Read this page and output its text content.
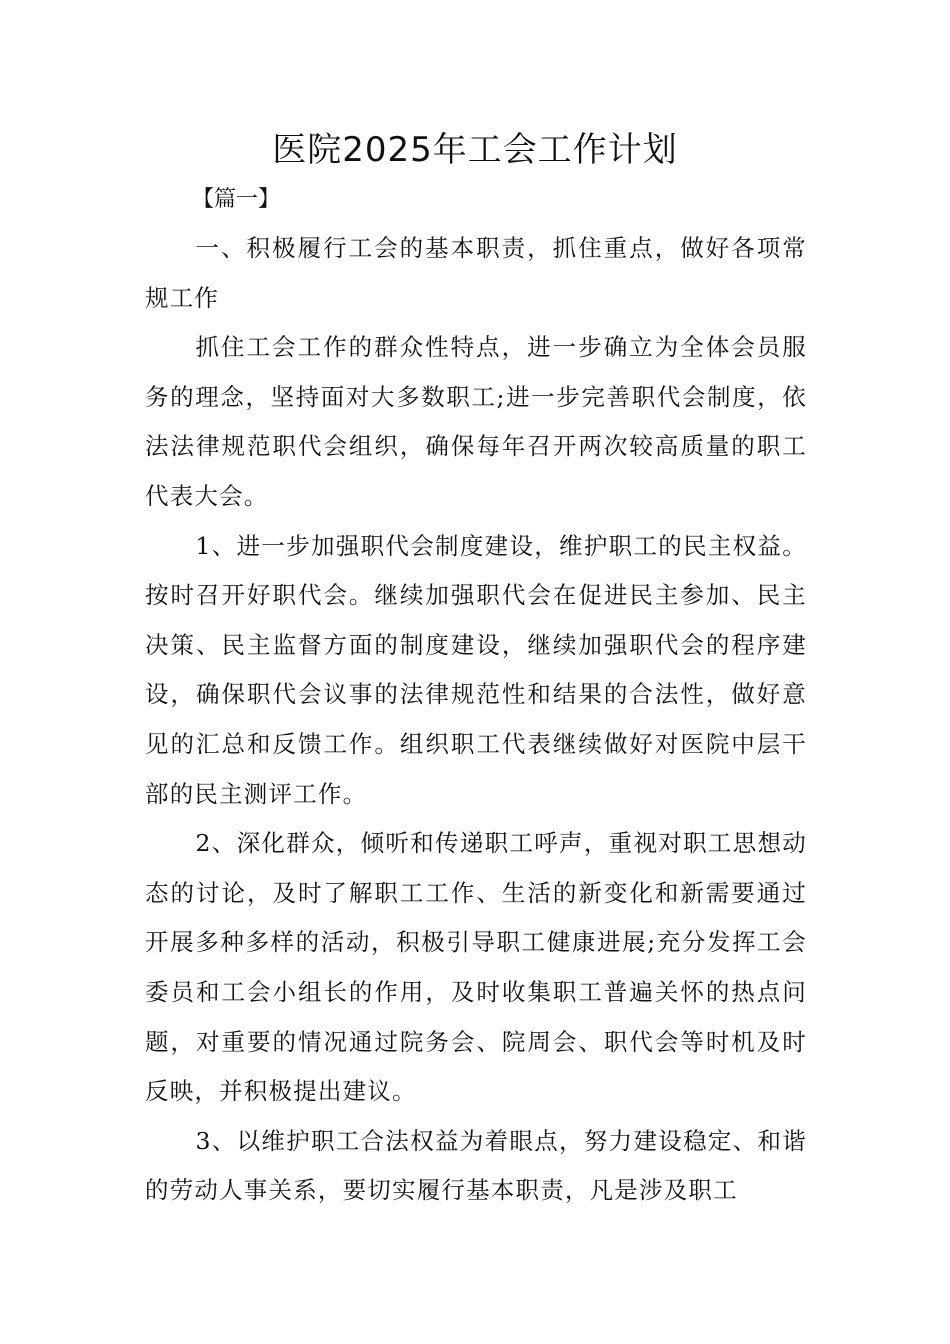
医院2025年工会工作计划
【篇一】

一、积极履行工会的基本职责，抓住重点，做好各项常规工作

抓住工会工作的群众性特点，进一步确立为全体会员服务的理念，坚持面对大多数职工;进一步完善职代会制度，依法法律规范职代会组织，确保每年召开两次较高质量的职工代表大会。

1、进一步加强职代会制度建设，维护职工的民主权益。按时召开好职代会。继续加强职代会在促进民主参加、民主决策、民主监督方面的制度建设，继续加强职代会的程序建设，确保职代会议事的法律规范性和结果的合法性，做好意见的汇总和反馈工作。组织职工代表继续做好对医院中层干部的民主测评工作。

2、深化群众，倾听和传递职工呼声，重视对职工思想动态的讨论，及时了解职工工作、生活的新变化和新需要通过开展多种多样的活动，积极引导职工健康进展;充分发挥工会委员和工会小组长的作用，及时收集职工普遍关怀的热点问题，对重要的情况通过院务会、院周会、职代会等时机及时反映，并积极提出建议。

3、以维护职工合法权益为着眼点，努力建设稳定、和谐的劳动人事关系，要切实履行基本职责，凡是涉及职工
